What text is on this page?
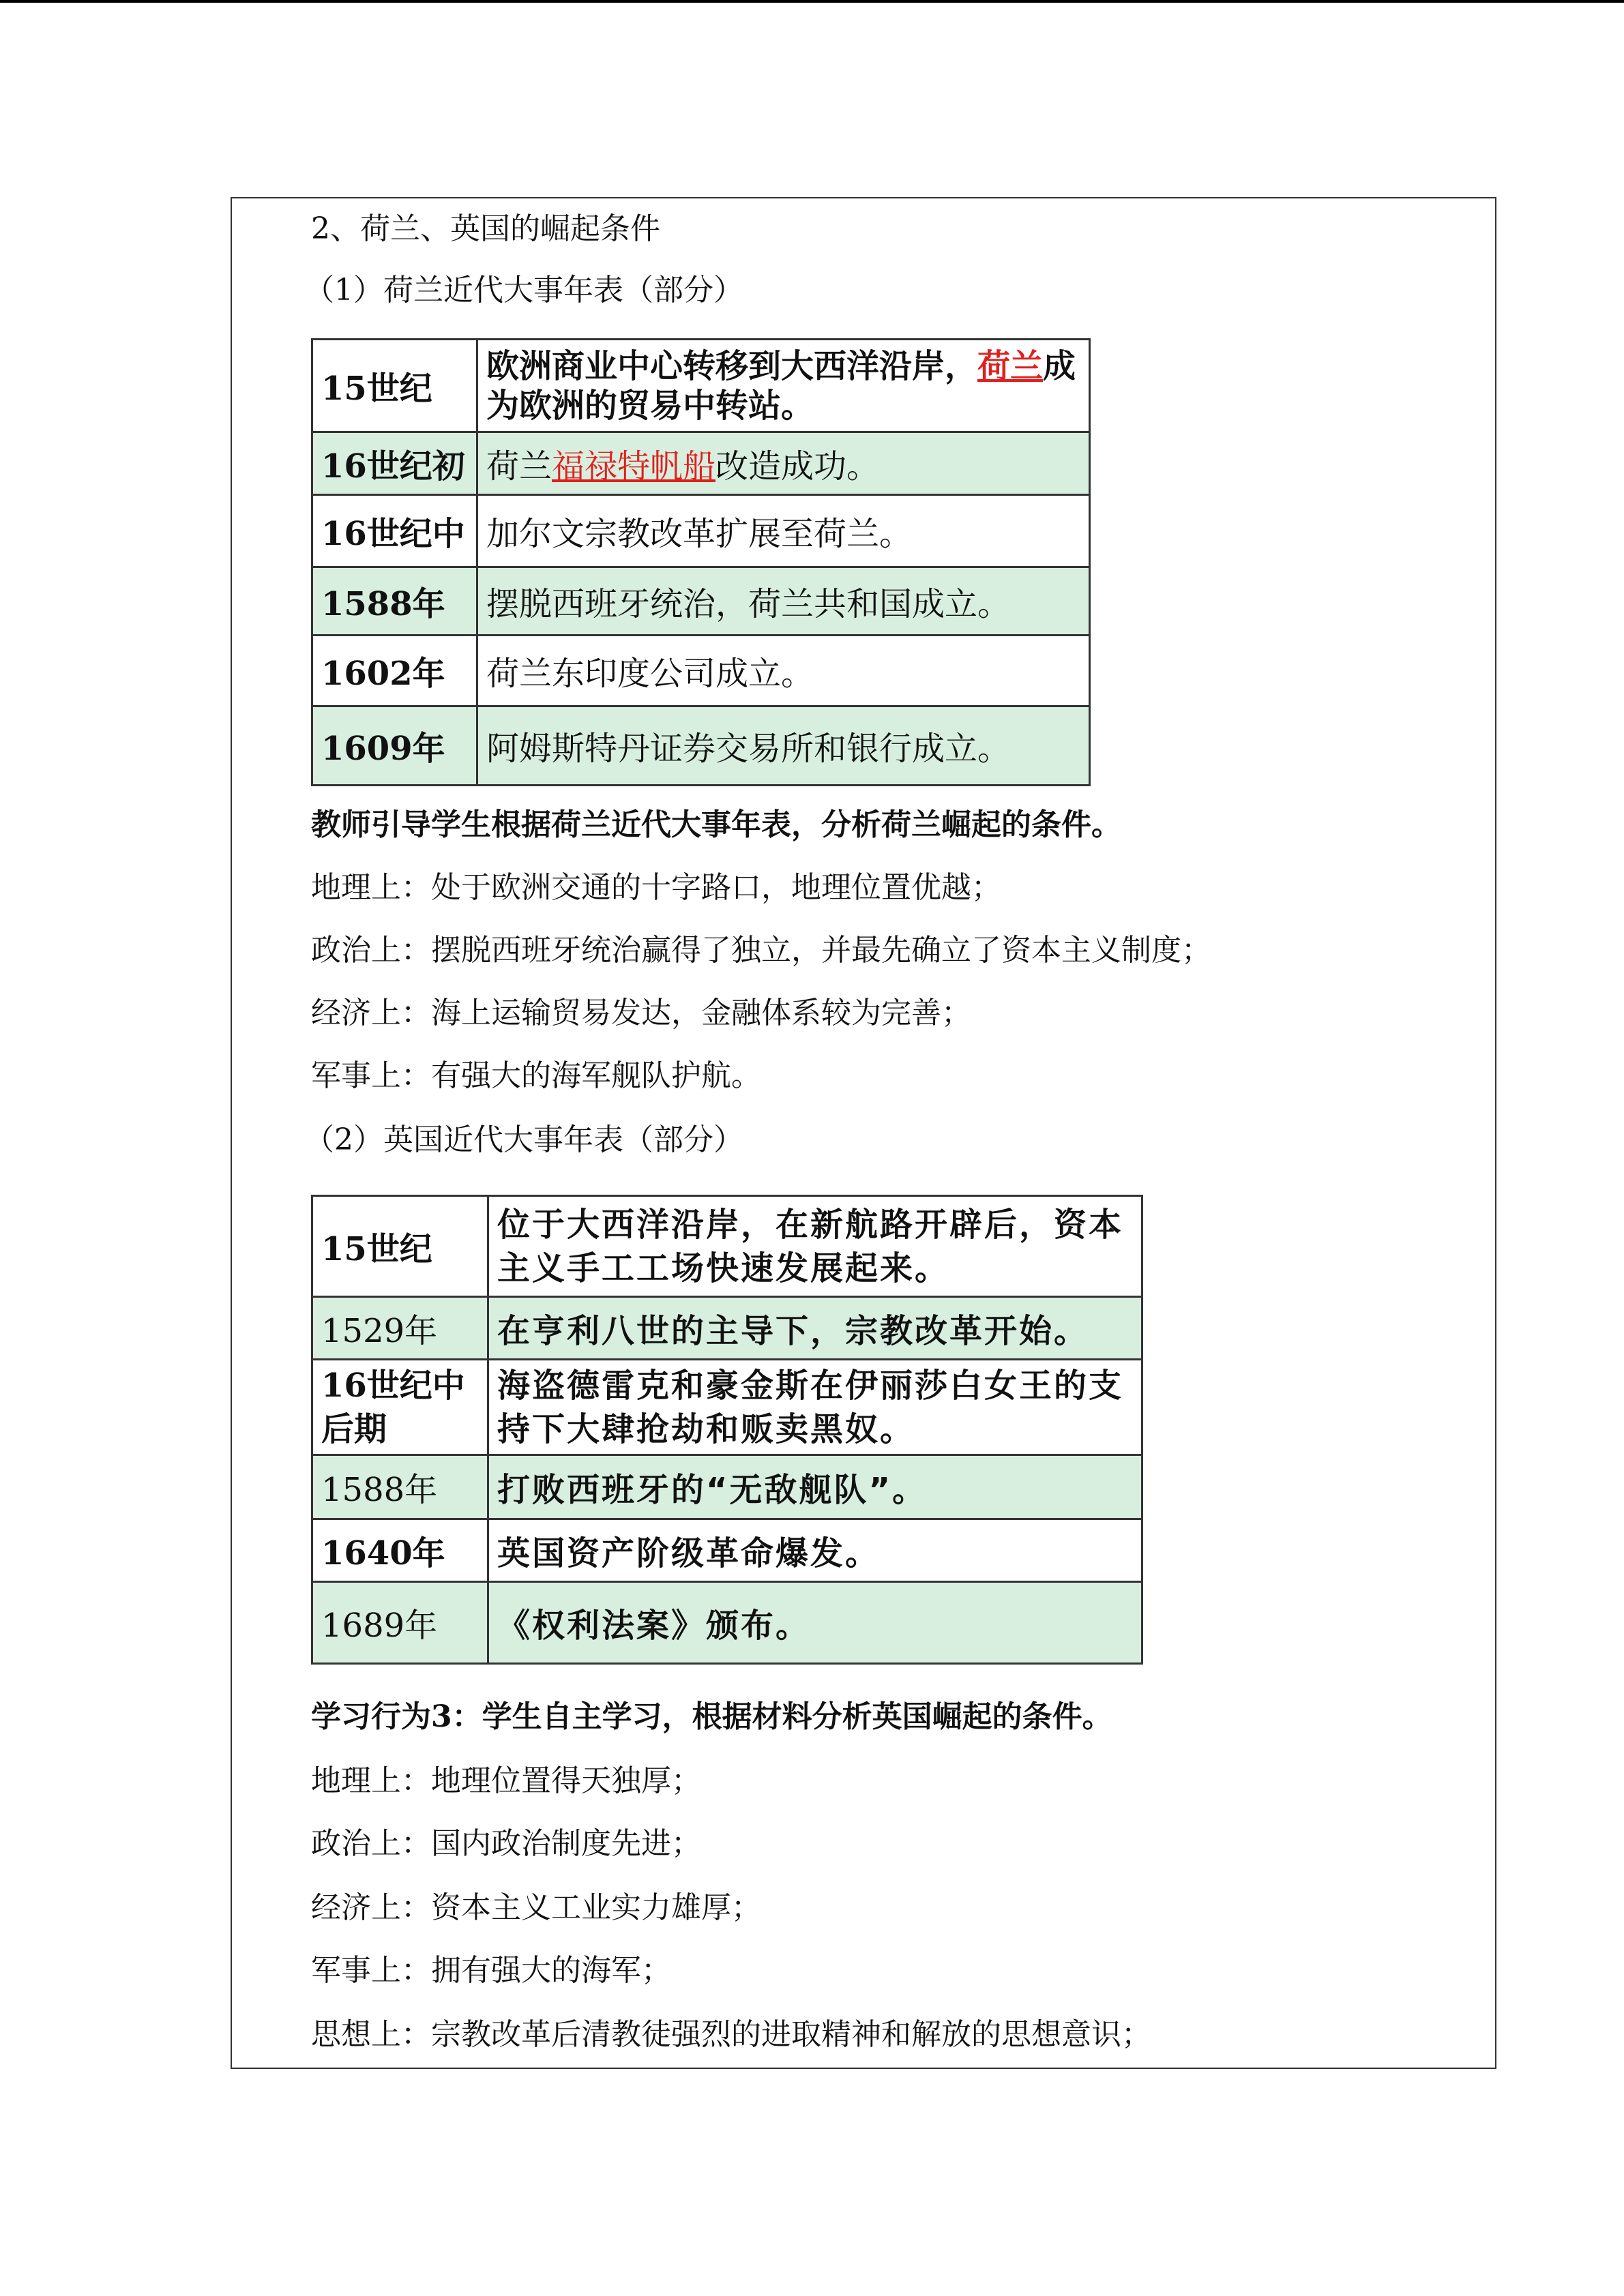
2、荷兰、英国的崛起条件
（1）荷兰近代大事年表（部分）
15世纪	欧洲商业中心转移到大西洋沿岸，荷兰成为欧洲的贸易中转站。
16世纪初	荷兰福禄特帆船改造成功。
16世纪中	加尔文宗教改革扩展至荷兰。
1588年	摆脱西班牙统治，荷兰共和国成立。
1602年	荷兰东印度公司成立。
1609年	阿姆斯特丹证券交易所和银行成立。
教师引导学生根据荷兰近代大事年表，分析荷兰崛起的条件。
地理上：处于欧洲交通的十字路口，地理位置优越；
政治上：摆脱西班牙统治赢得了独立，并最先确立了资本主义制度；
经济上：海上运输贸易发达，金融体系较为完善；
军事上：有强大的海军舰队护航。
（2）英国近代大事年表（部分）
15世纪	位于大西洋沿岸，在新航路开辟后，资本主义手工工场快速发展起来。
1529年	在亨利八世的主导下，宗教改革开始。
16世纪中后期	海盗德雷克和豪金斯在伊丽莎白女王的支持下大肆抢劫和贩卖黑奴。
1588年	打败西班牙的“无敌舰队”。
1640年	英国资产阶级革命爆发。
1689年	《权利法案》颁布。
学习行为3：学生自主学习，根据材料分析英国崛起的条件。
地理上：地理位置得天独厚；
政治上：国内政治制度先进；
经济上：资本主义工业实力雄厚；
军事上：拥有强大的海军；
思想上：宗教改革后清教徒强烈的进取精神和解放的思想意识；
